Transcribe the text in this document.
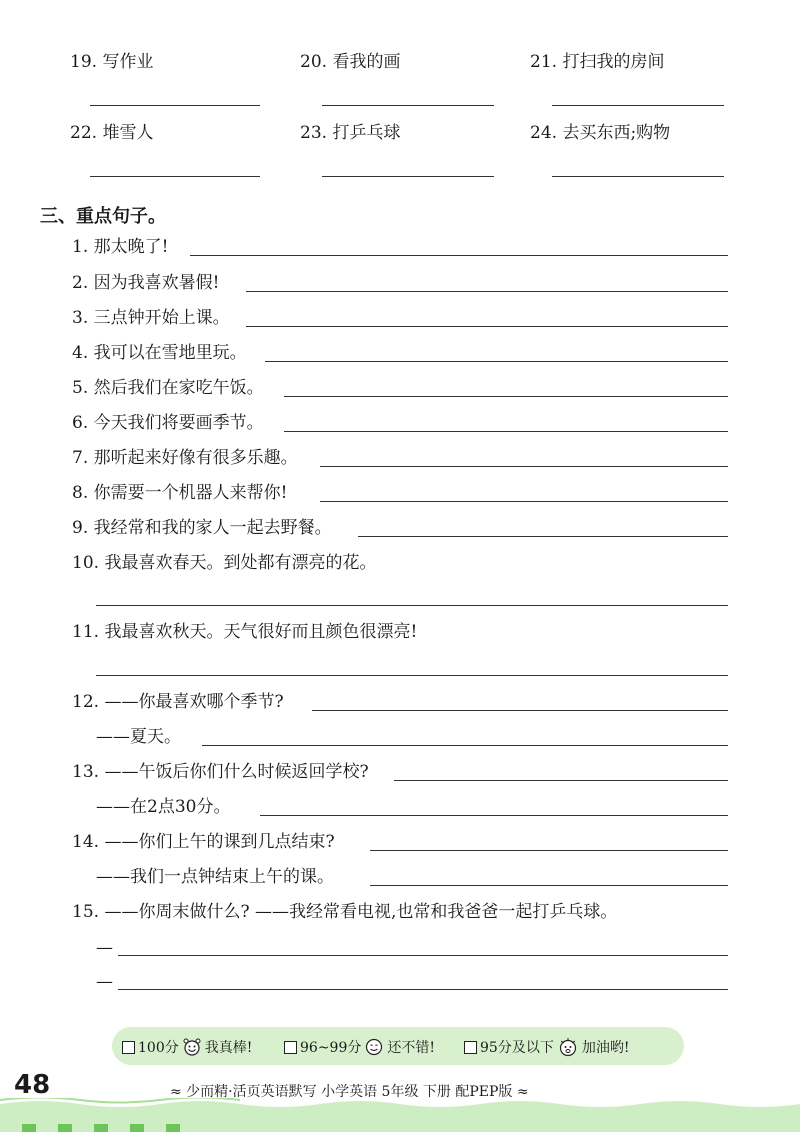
19. 写作业	20. 看我的画	21. 打扫我的房间
22. 堆雪人	23. 打乒乓球	24. 去买东西;购物
三、重点句子。
1. 那太晚了!
2. 因为我喜欢暑假!
3. 三点钟开始上课。
4. 我可以在雪地里玩。
5. 然后我们在家吃午饭。
6. 今天我们将要画季节。
7. 那听起来好像有很多乐趣。
8. 你需要一个机器人来帮你!
9. 我经常和我的家人一起去野餐。
10. 我最喜欢春天。到处都有漂亮的花。
11. 我最喜欢秋天。天气很好而且颜色很漂亮!
12. ——你最喜欢哪个季节?
——夏天。
13. ——午饭后你们什么时候返回学校?
——在2点30分。
14. ——你们上午的课到几点结束?
——我们一点钟结束上午的课。
15. ——你周末做什么? ——我经常看电视,也常和我爸爸一起打乒乓球。
—
—
100分 我真棒!	96~99分 还不错!	95分及以下 加油哟!
48	≈ 少而精·活页英语默写 小学英语 5年级 下册 配PEP版 ≈
